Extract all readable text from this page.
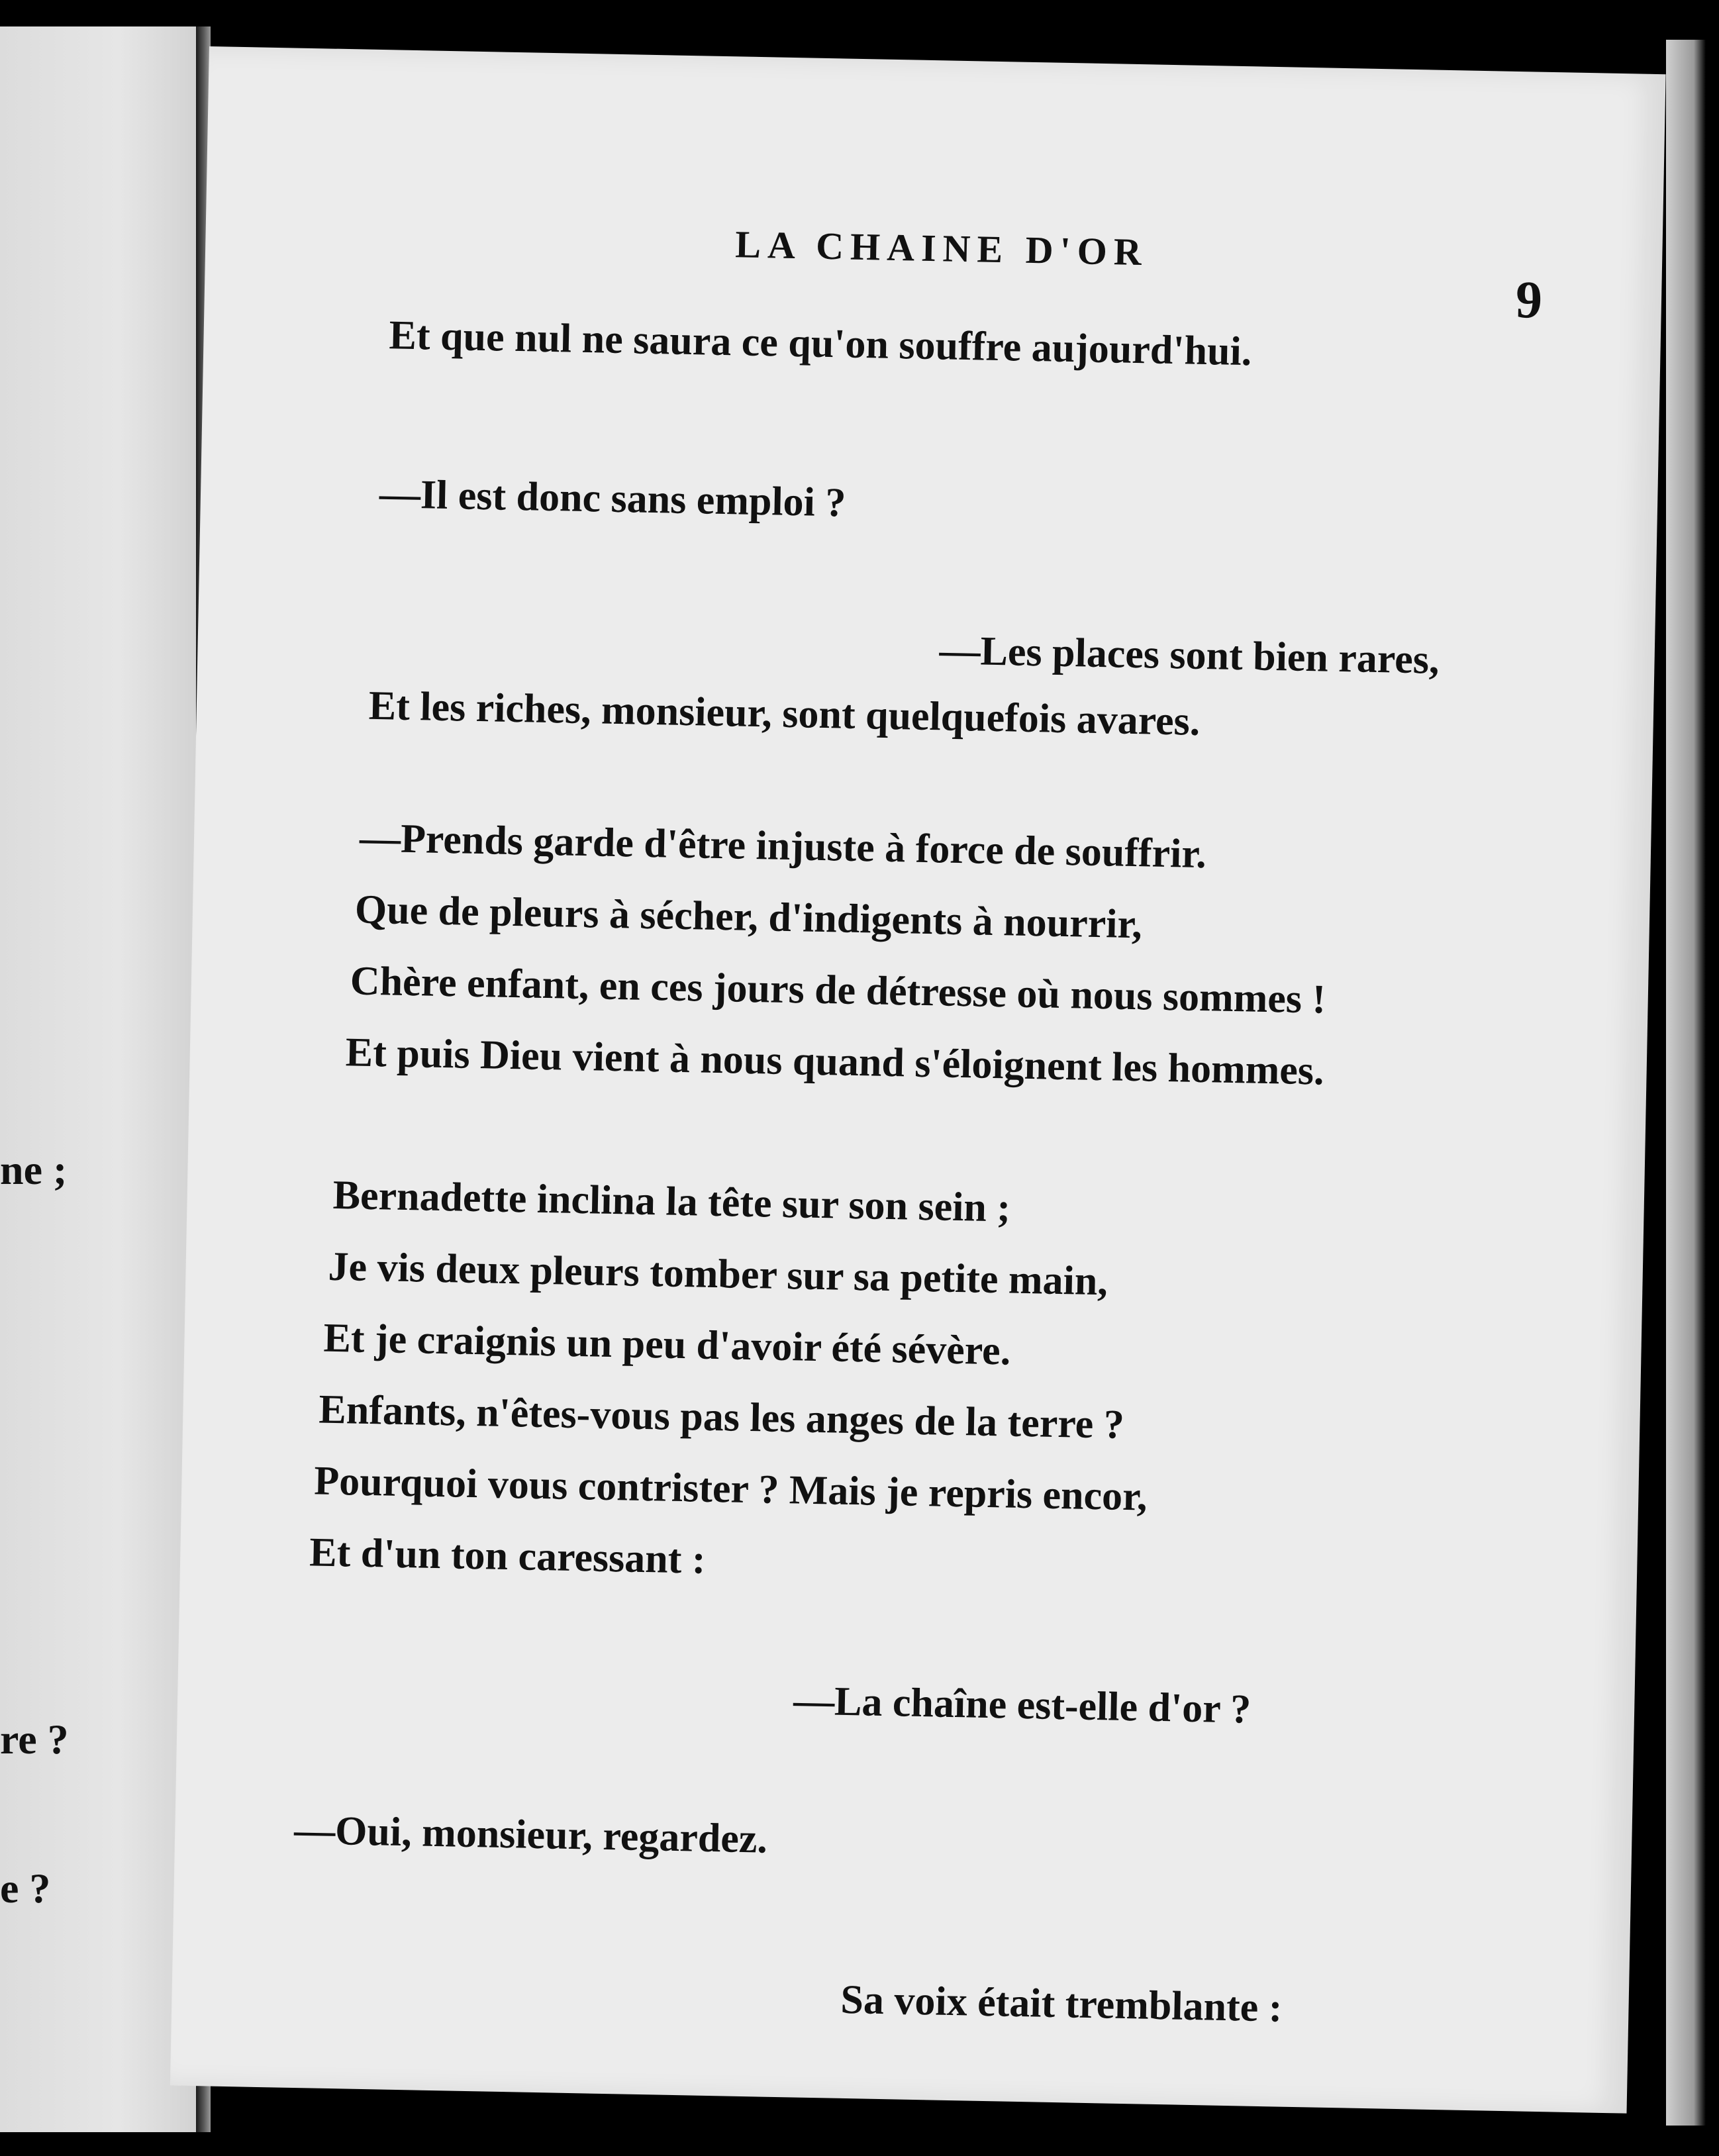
ne ;
re ?
e ?
LA CHAINE D'OR
9
Et que nul ne saura ce qu'on souffre aujourd'hui.
—Il est donc sans emploi ?
—Les places sont bien rares,
Et les riches, monsieur, sont quelquefois avares.
—Prends garde d'être injuste à force de souffrir.
Que de pleurs à sécher, d'indigents à nourrir,
Chère enfant, en ces jours de détresse où nous sommes !
Et puis Dieu vient à nous quand s'éloignent les hommes.
Bernadette inclina la tête sur son sein ;
Je vis deux pleurs tomber sur sa petite main,
Et je craignis un peu d'avoir été sévère.
Enfants, n'êtes-vous pas les anges de la terre ?
Pourquoi vous contrister ? Mais je repris encor,
Et d'un ton caressant :
—La chaîne est-elle d'or ?
—Oui, monsieur, regardez.
Sa voix était tremblante :
